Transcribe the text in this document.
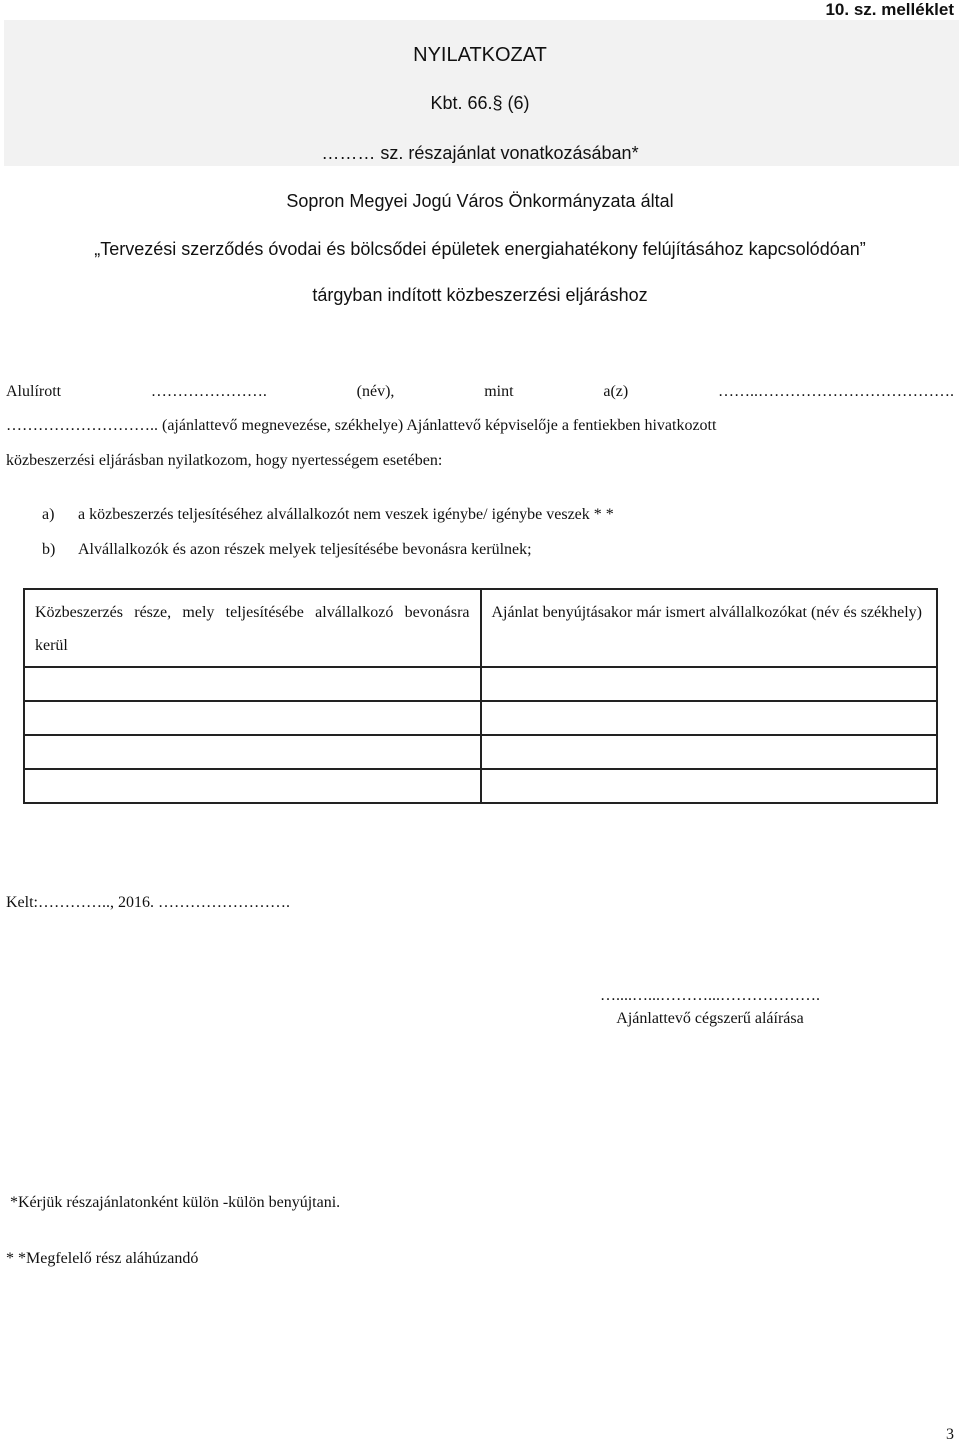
10. sz. melléklet
NYILATKOZAT
Kbt. 66.§ (6)
……… sz. részajánlat vonatkozásában*
Sopron Megyei Jogú Város Önkormányzata által
„Tervezési szerződés óvodai és bölcsődei épületek energiahatékony felújításához kapcsolódóan”
tárgyban indított közbeszerzési eljáráshoz
Alulírott	………………….	(név),	mint	a(z)	……..……………………………….
……………………….. (ajánlattevő megnevezése, székhelye) Ajánlattevő képviselője a fentiekben hivatkozott
közbeszerzési eljárásban nyilatkozom, hogy nyertességem esetében:
a) a közbeszerzés teljesítéséhez alvállalkozót nem veszek igénybe/ igénybe veszek * *
b) Alvállalkozók és azon részek melyek teljesítésébe bevonásra kerülnek;
Közbeszerzés része, mely teljesítésébe alvállalkozó bevonásra kerül	Ajánlat benyújtásakor már ismert alvállalkozókat (név és székhely)

Kelt:………….., 2016. …………………….
…....…...………...……………….
Ajánlattevő cégszerű aláírása
*Kérjük részajánlatonként külön -külön benyújtani.
* *Megfelelő rész aláhúzandó
3
